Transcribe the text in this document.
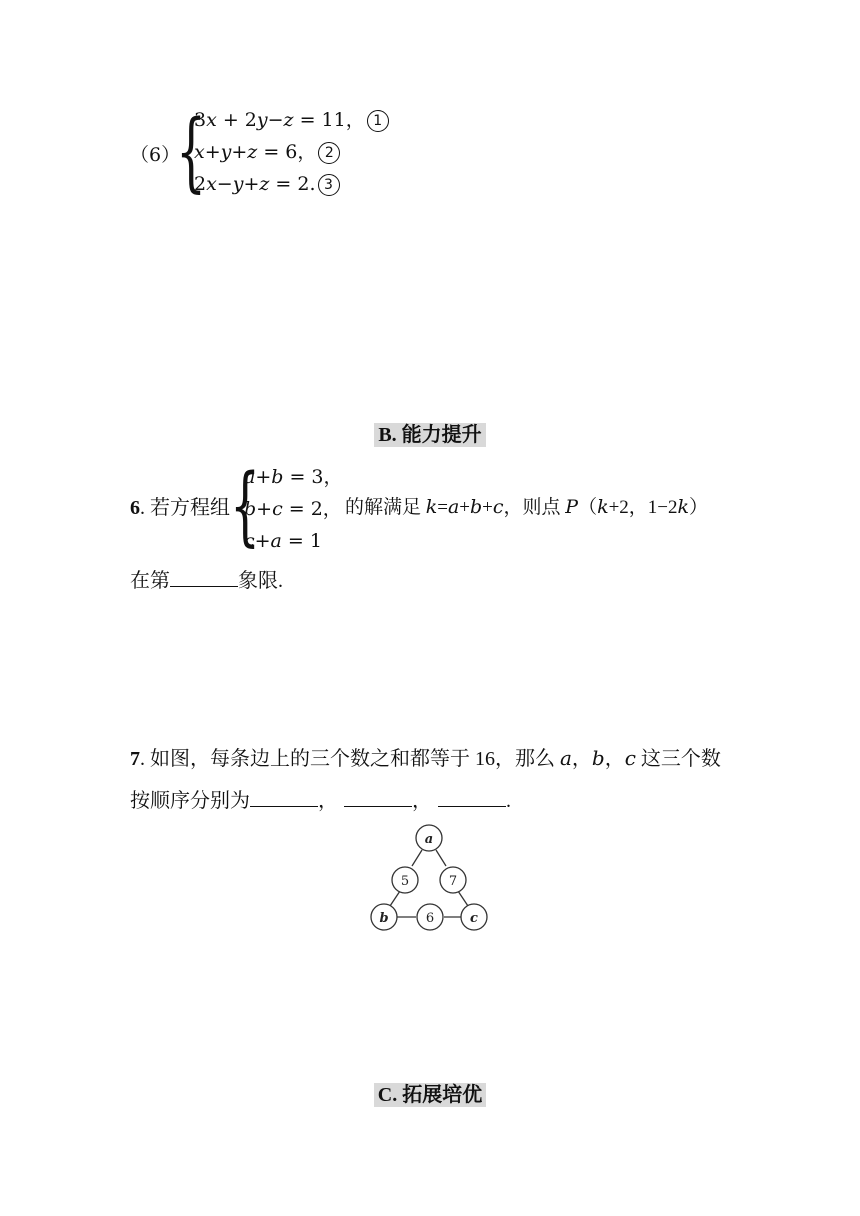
（6）
{
3𝑥 + 2𝑦−𝑧 = 11， 1
𝑥+𝑦+𝑧 = 6， 2
2𝑥−𝑦+𝑧 = 2. 3
B. 能力提升
6. 若方程组 {
𝑎+𝑏 = 3，
𝑏+𝑐 = 2，
𝑐+𝑎 = 1
的解满足 𝑘=𝑎+𝑏+𝑐，则点 𝑃（𝑘+2，1−2𝑘）
在第	象限.
7. 如图，每条边上的三个数之和都等于 16，那么 𝑎，𝑏，𝑐 这三个数
按顺序分别为	，	，	.
a
5	7
b	6	c
C. 拓展培优
